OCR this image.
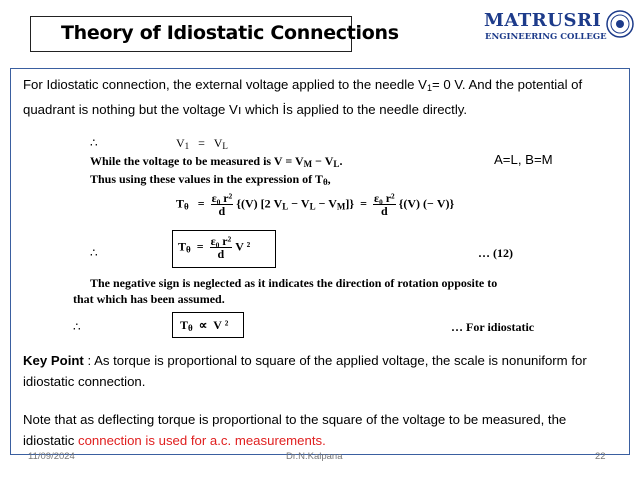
Theory of Idiostatic Connections
MATRUSRI
ENGINEERING COLLEGE
For Idiostatic connection, the external voltage applied to the needle $V_1= 0$ V. And the potential of quadrant is nothing but the voltage Vı which İs applied to the needle directly.
A=L, B=M
∴	$V_1 = V_L$
While the voltage to be measured is $V = V_M - V_L$.
Thus using these values in the expression of $T_\theta$,
$T_\theta = \frac{\text{ε₀ r²}}{d} \{(V)$ [2 $V_L - V_L - V_M]\} = \frac{\text{ε₀ r²}}{d} \{(V)$ (− V)}
∴	$T_\theta = \frac{\text{ε₀ r²}}{d}$ V ²	… (12)
The negative sign is neglected as it indicates the direction of rotation opposite to
that which has been assumed.
∴	$T_\theta \propto V$ ²	… For idiostatic
Key Point : As torque is proportional to square of the applied voltage, the scale is nonuniform for idiostatic connection.
Note that as deflecting torque is proportional to the square of the voltage to be measured, the idiostatic connection is used for a.c. measurements.
11/09/2024	Dr.N.Kalpana	22
